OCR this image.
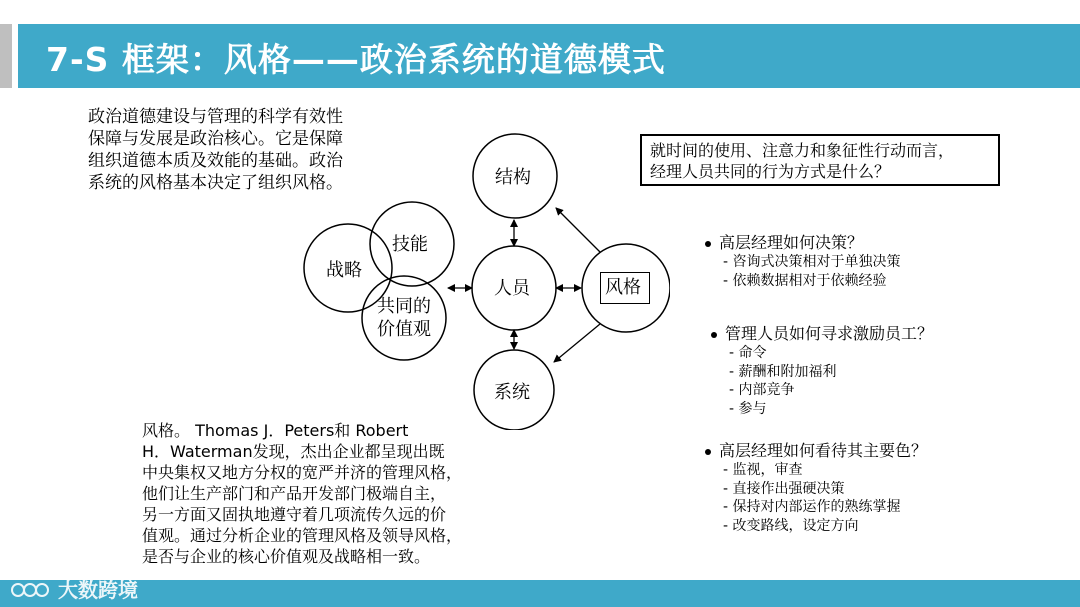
7-S 框架：风格——政治系统的道德模式
政治道德建设与管理的科学有效性
保障与发展是政治核心。它是保障
组织道德本质及效能的基础。政治
系统的风格基本决定了组织风格。
就时间的使用、注意力和象征性行动而言，
经理人员共同的行为方式是什么？
结构
战略
技能
共同的
价值观
人员	风格
系统
风格。 Thomas J．Peters和 Robert
H．Waterman发现，杰出企业都呈现出既
中央集权又地方分权的宽严并济的管理风格，
他们让生产部门和产品开发部门极端自主，
另一方面又固执地遵守着几项流传久远的价
值观。通过分析企业的管理风格及领导风格，
是否与企业的核心价值观及战略相一致。
高层经理如何决策？
- 咨询式决策相对于单独决策
- 依赖数据相对于依赖经验
管理人员如何寻求激励员工？
- 命令
- 薪酬和附加福利
- 内部竞争
- 参与
高层经理如何看待其主要色？
- 监视，审查
- 直接作出强硬决策
- 保持对内部运作的熟练掌握
- 改变路线，设定方向
大数跨境
